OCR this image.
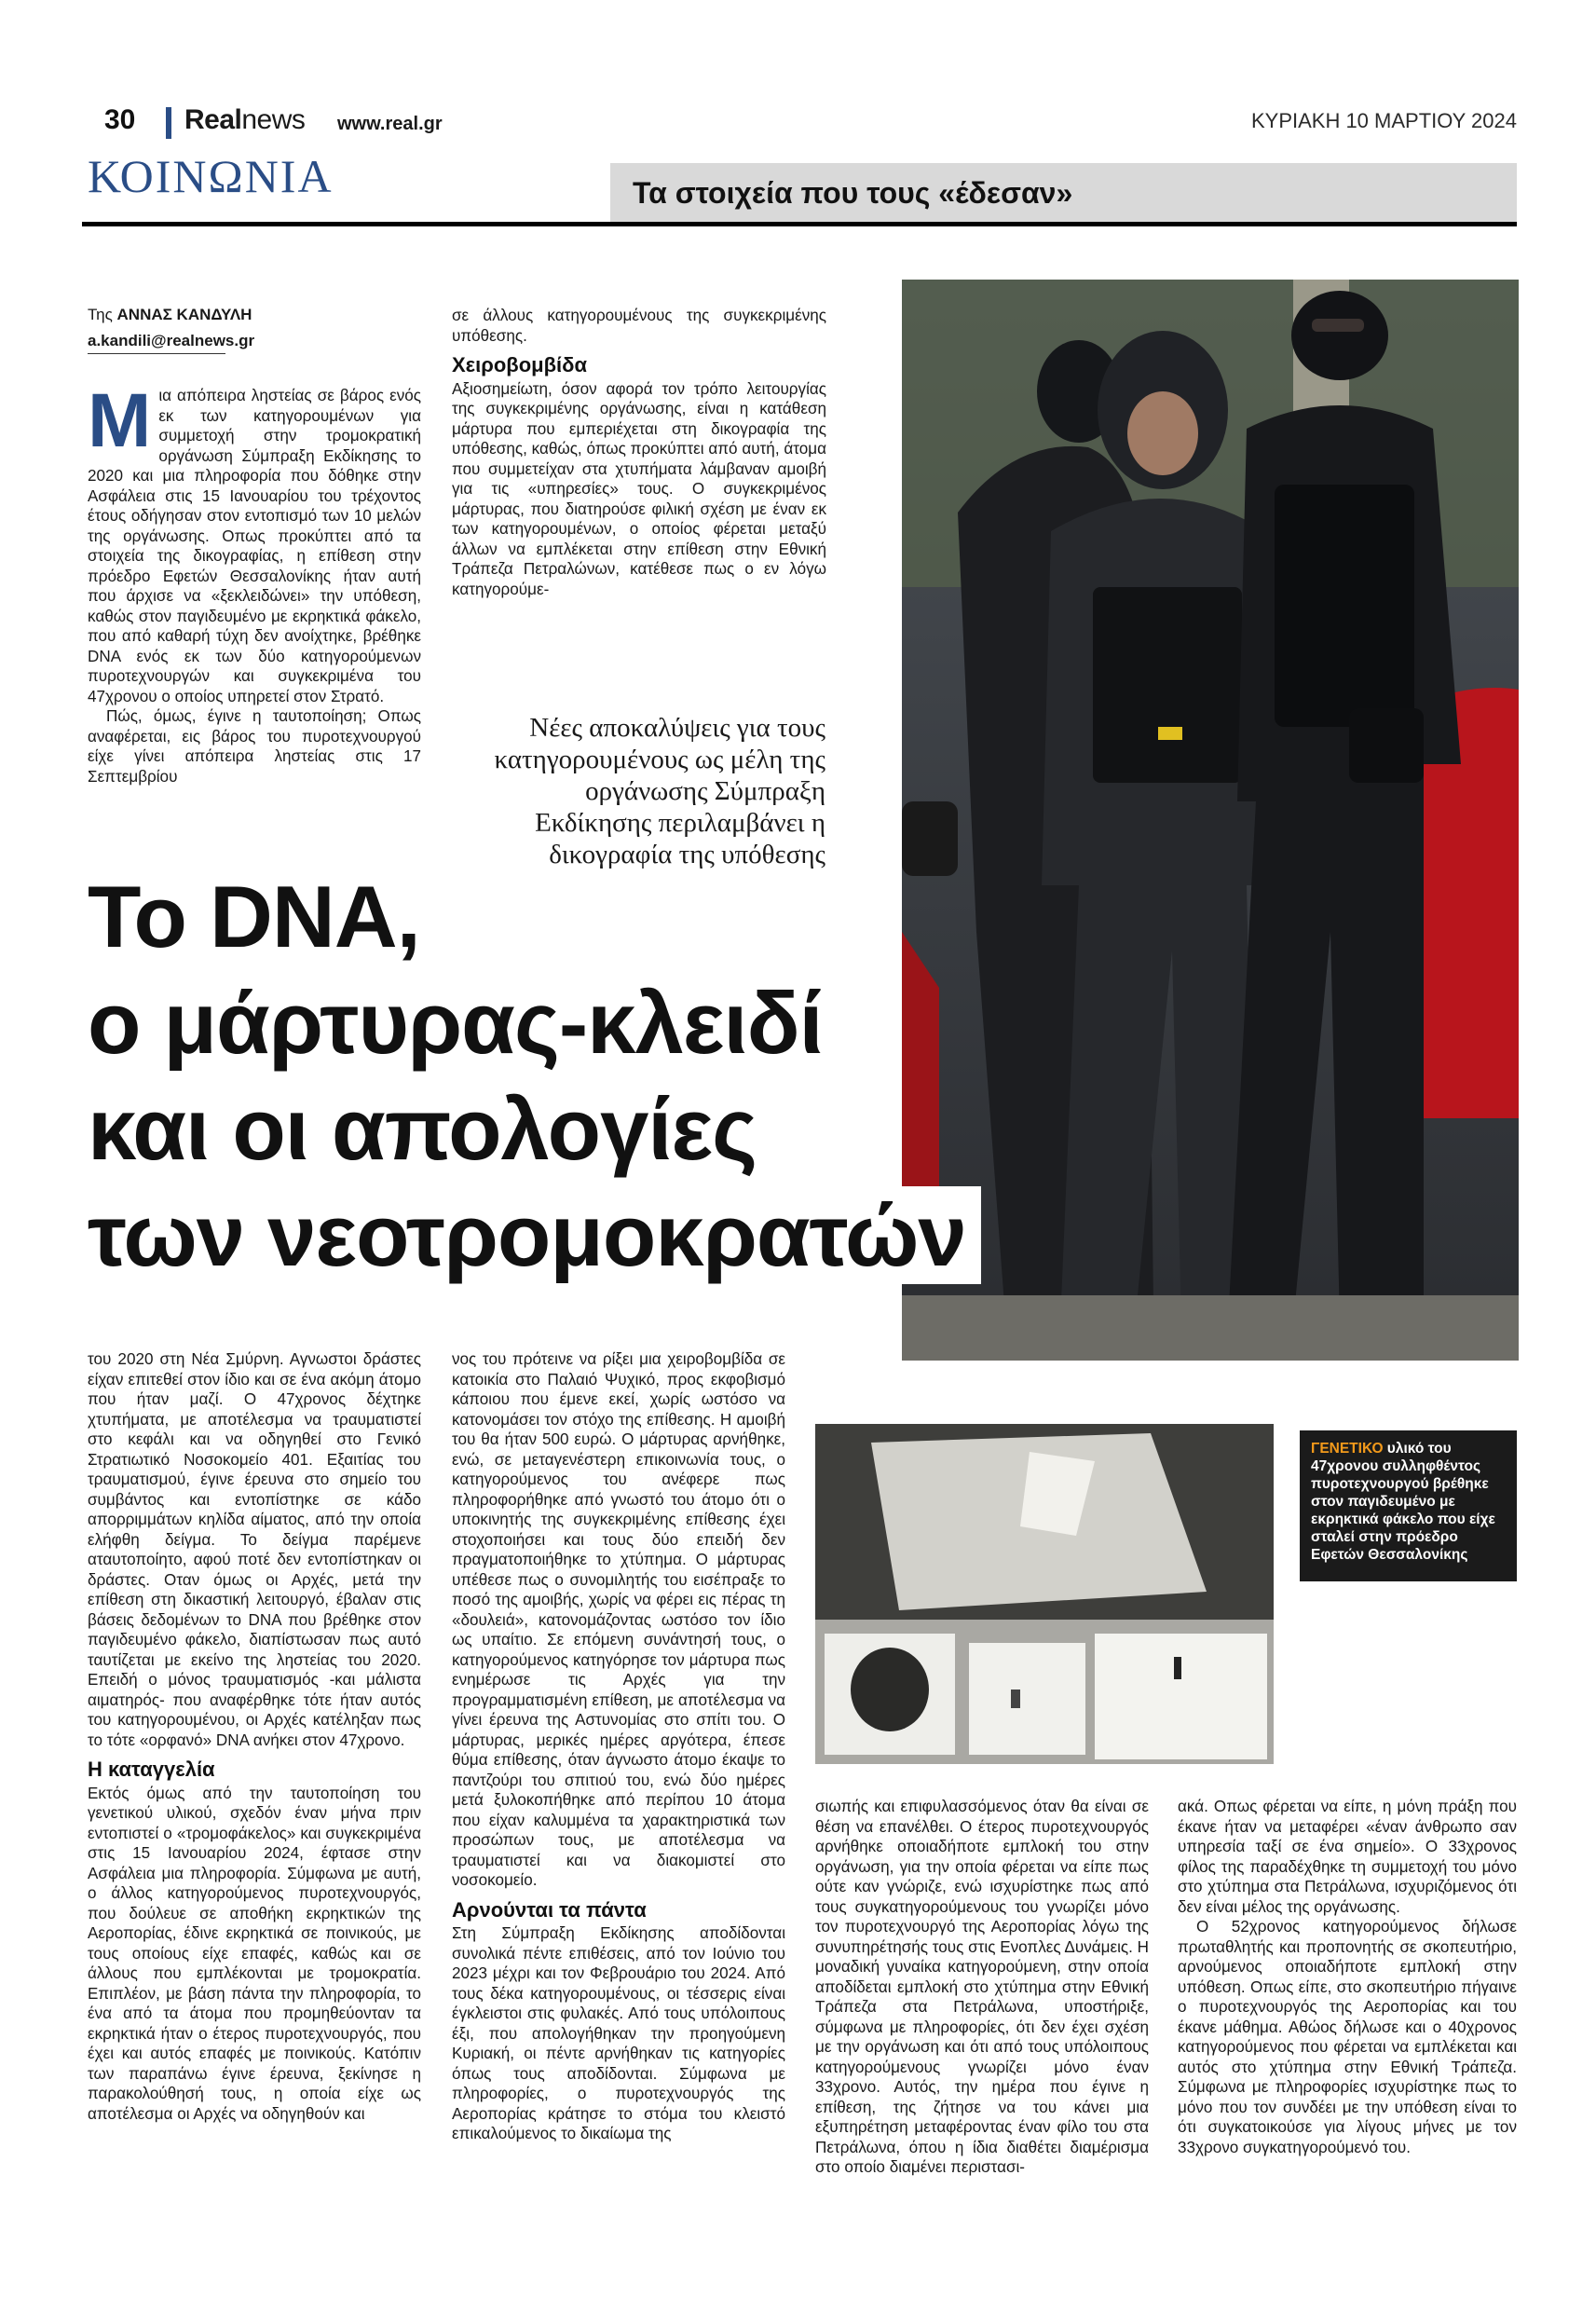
30 Realnews www.real.gr	ΚΥΡΙΑΚΗ 10 ΜΑΡΤΙΟΥ 2024
ΚΟΙΝΩΝΙΑ	Τα στοιχεία που τους «έδεσαν»
Της ΑΝΝΑΣ ΚΑΝΔΥΛΗ
a.kandili@realnews.gr
Μ ια απόπειρα ληστείας σε βάρος ενός εκ των κατηγορουμένων για συμμετοχή στην τρομοκρατική οργάνωση Σύμπραξη Εκδίκησης το 2020 και μια πληροφορία που δόθηκε στην Ασφάλεια στις 15 Ιανουαρίου του τρέχοντος έτους οδήγησαν στον εντοπισμό των 10 μελών της οργάνωσης. Οπως προκύπτει από τα στοιχεία της δικογραφίας, η επίθεση στην πρόεδρο Εφετών Θεσσαλονίκης ήταν αυτή που άρχισε να «ξεκλειδώνει» την υπόθεση, καθώς στον παγιδευμένο με εκρηκτικά φάκελο, που από καθαρή τύχη δεν ανοίχτηκε, βρέθηκε DNA ενός εκ των δύο κατηγορούμενων πυροτεχνουργών και συγκεκριμένα του 47χρονου ο οποίος υπηρετεί στον Στρατό.

Πώς, όμως, έγινε η ταυτοποίηση; Οπως αναφέρεται, εις βάρος του πυροτεχνουργού είχε γίνει απόπειρα ληστείας στις 17 Σεπτεμβρίου

σε άλλους κατηγορουμένους της συγκεκριμένης υπόθεσης.

Χειροβομβίδα

Αξιοσημείωτη, όσον αφορά τον τρόπο λειτουργίας της συγκεκριμένης οργάνωσης, είναι η κατάθεση μάρτυρα που εμπεριέχεται στη δικογραφία της υπόθεσης, καθώς, όπως προκύπτει από αυτή, άτομα που συμμετείχαν στα χτυπήματα λάμβαναν αμοιβή για τις «υπηρεσίες» τους. Ο συγκεκριμένος μάρτυρας, που διατηρούσε φιλική σχέση με έναν εκ των κατηγορουμένων, ο οποίος φέρεται μεταξύ άλλων να εμπλέκεται στην επίθεση στην Εθνική Τράπεζα Πετραλώνων, κατέθεσε πως ο εν λόγω κατηγορούμε-

Νέες αποκαλύψεις για τους κατηγορουμένους ως μέλη της οργάνωσης Σύμπραξη Εκδίκησης περιλαμβάνει η δικογραφία της υπόθεσης
Το DNA,
ο μάρτυρας-κλειδί
και οι απολογίες
των νεοτρομοκρατών

του 2020 στη Νέα Σμύρνη. Αγνωστοι δράστες είχαν επιτεθεί στον ίδιο και σε ένα ακόμη άτομο που ήταν μαζί. Ο 47χρονος δέχτηκε χτυπήματα, με αποτέλεσμα να τραυματιστεί στο κεφάλι και να οδηγηθεί στο Γενικό Στρατιωτικό Νοσοκομείο 401. Εξαιτίας του τραυματισμού, έγινε έρευνα στο σημείο του συμβάντος και εντοπίστηκε σε κάδο απορριμμάτων κηλίδα αίματος, από την οποία ελήφθη δείγμα. Το δείγμα παρέμενε αταυτοποίητο, αφού ποτέ δεν εντοπίστηκαν οι δράστες. Οταν όμως οι Αρχές, μετά την επίθεση στη δικαστική λειτουργό, έβαλαν στις βάσεις δεδομένων το DNA που βρέθηκε στον παγιδευμένο φάκελο, διαπίστωσαν πως αυτό ταυτίζεται με εκείνο της ληστείας του 2020. Επειδή ο μόνος τραυματισμός -και μάλιστα αιματηρός- που αναφέρθηκε τότε ήταν αυτός του κατηγορουμένου, οι Αρχές κατέληξαν πως το τότε «ορφανό» DNA ανήκει στον 47χρονο.

Η καταγγελία

Εκτός όμως από την ταυτοποίηση του γενετικού υλικού, σχεδόν έναν μήνα πριν εντοπιστεί ο «τρομοφάκελος» και συγκεκριμένα στις 15 Ιανουαρίου 2024, έφτασε στην Ασφάλεια μια πληροφορία. Σύμφωνα με αυτή, ο άλλος κατηγορούμενος πυροτεχνουργός, που δούλευε σε αποθήκη εκρηκτικών της Αεροπορίας, έδινε εκρηκτικά σε ποινικούς, με τους οποίους είχε επαφές, καθώς και σε άλλους που εμπλέκονται με τρομοκρατία. Επιπλέον, με βάση πάντα την πληροφορία, το ένα από τα άτομα που προμηθεύονταν τα εκρηκτικά ήταν ο έτερος πυροτεχνουργός, που έχει και αυτός επαφές με ποινικούς. Κατόπιν των παραπάνω έγινε έρευνα, ξεκίνησε η παρακολούθησή τους, η οποία είχε ως αποτέλεσμα οι Αρχές να οδηγηθούν και

νος του πρότεινε να ρίξει μια χειροβομβίδα σε κατοικία στο Παλαιό Ψυχικό, προς εκφοβισμό κάποιου που έμενε εκεί, χωρίς ωστόσο να κατονομάσει τον στόχο της επίθεσης. Η αμοιβή του θα ήταν 500 ευρώ. Ο μάρτυρας αρνήθηκε, ενώ, σε μεταγενέστερη επικοινωνία τους, ο κατηγορούμενος του ανέφερε πως πληροφορήθηκε από γνωστό του άτομο ότι ο υποκινητής της συγκεκριμένης επίθεσης έχει στοχοποιήσει και τους δύο επειδή δεν πραγματοποιήθηκε το χτύπημα. Ο μάρτυρας υπέθεσε πως ο συνομιλητής του εισέπραξε το ποσό της αμοιβής, χωρίς να φέρει εις πέρας τη «δουλειά», κατονομάζοντας ωστόσο τον ίδιο ως υπαίτιο. Σε επόμενη συνάντησή τους, ο κατηγορούμενος κατηγόρησε τον μάρτυρα πως ενημέρωσε τις Αρχές για την προγραμματισμένη επίθεση, με αποτέλεσμα να γίνει έρευνα της Αστυνομίας στο σπίτι του. Ο μάρτυρας, μερικές ημέρες αργότερα, έπεσε θύμα επίθεσης, όταν άγνωστο άτομο έκαψε το παντζούρι του σπιτιού του, ενώ δύο ημέρες μετά ξυλοκοπήθηκε από περίπου 10 άτομα που είχαν καλυμμένα τα χαρακτηριστικά των προσώπων τους, με αποτέλεσμα να τραυματιστεί και να διακομιστεί στο νοσοκομείο.

Αρνούνται τα πάντα

Στη Σύμπραξη Εκδίκησης αποδίδονται συνολικά πέντε επιθέσεις, από τον Ιούνιο του 2023 μέχρι και τον Φεβρουάριο του 2024. Από τους δέκα κατηγορουμένους, οι τέσσερις είναι έγκλειστοι στις φυλακές. Από τους υπόλοιπους έξι, που απολογήθηκαν την προηγούμενη Κυριακή, οι πέντε αρνήθηκαν τις κατηγορίες όπως τους αποδίδονται. Σύμφωνα με πληροφορίες, ο πυροτεχνουργός της Αεροπορίας κράτησε το στόμα του κλειστό επικαλούμενος το δικαίωμα της

ΓΕΝΕΤΙΚΟ υλικό του 47χρονου συλληφθέντος πυροτεχνουργού βρέθηκε στον παγιδευμένο με εκρηκτικά φάκελο που είχε σταλεί στην πρόεδρο Εφετών Θεσσαλονίκης

σιωπής και επιφυλασσόμενος όταν θα είναι σε θέση να επανέλθει. Ο έτερος πυροτεχνουργός αρνήθηκε οποιαδήποτε εμπλοκή του στην οργάνωση, για την οποία φέρεται να είπε πως ούτε καν γνώριζε, ενώ ισχυρίστηκε πως από τους συγκατηγορούμενους του γνωρίζει μόνο τον πυροτεχνουργό της Αεροπορίας λόγω της συνυπηρέτησής τους στις Ενοπλες Δυνάμεις. Η μοναδική γυναίκα κατηγορούμενη, στην οποία αποδίδεται εμπλοκή στο χτύπημα στην Εθνική Τράπεζα στα Πετράλωνα, υποστήριξε, σύμφωνα με πληροφορίες, ότι δεν έχει σχέση με την οργάνωση και ότι από τους υπόλοιπους κατηγορούμενους γνωρίζει μόνο έναν 33χρονο. Αυτός, την ημέρα που έγινε η επίθεση, της ζήτησε να του κάνει μια εξυπηρέτηση μεταφέροντας έναν φίλο του στα Πετράλωνα, όπου η ίδια διαθέτει διαμέρισμα στο οποίο διαμένει περιστασι-

ακά. Οπως φέρεται να είπε, η μόνη πράξη που έκανε ήταν να μεταφέρει «έναν άνθρωπο σαν υπηρεσία ταξί σε ένα σημείο». Ο 33χρονος φίλος της παραδέχθηκε τη συμμετοχή του μόνο στο χτύπημα στα Πετράλωνα, ισχυριζόμενος ότι δεν είναι μέλος της οργάνωσης.

Ο 52χρονος κατηγορούμενος δήλωσε πρωταθλητής και προπονητής σε σκοπευτήριο, αρνούμενος οποιαδήποτε εμπλοκή στην υπόθεση. Οπως είπε, στο σκοπευτήριο πήγαινε ο πυροτεχνουργός της Αεροπορίας και του έκανε μάθημα. Αθώος δήλωσε και ο 40χρονος κατηγορούμενος που φέρεται να εμπλέκεται και αυτός στο χτύπημα στην Εθνική Τράπεζα. Σύμφωνα με πληροφορίες ισχυρίστηκε πως το μόνο που τον συνδέει με την υπόθεση είναι το ότι συγκατοικούσε για λίγους μήνες με τον 33χρονο συγκατηγορούμενό του.
